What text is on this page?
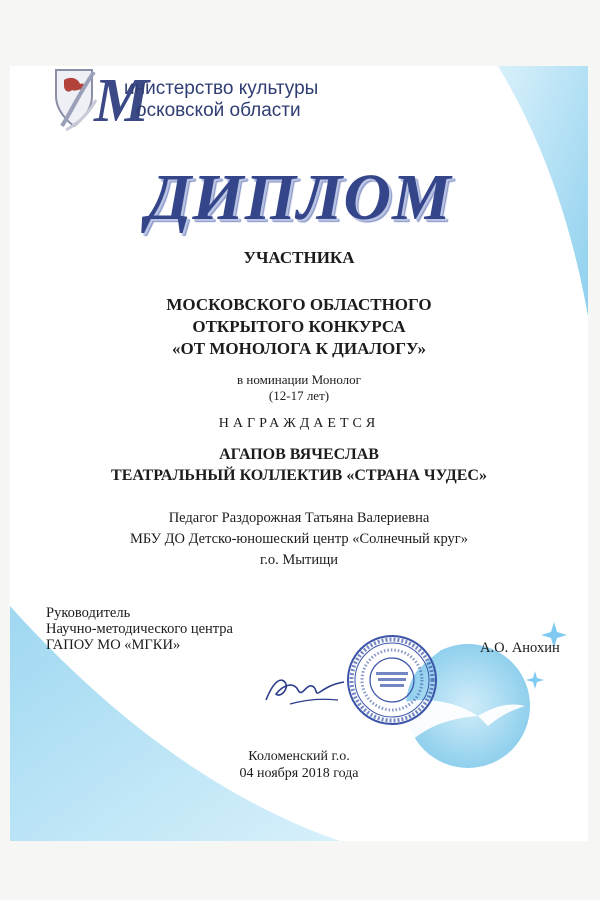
М
инистерство культуры
осковской области
ДИПЛОМ
УЧАСТНИКА
МОСКОВСКОГО ОБЛАСТНОГО
ОТКРЫТОГО КОНКУРСА
«ОТ МОНОЛОГА К ДИАЛОГУ»
в номинации Монолог
(12-17 лет)
НАГРАЖДАЕТСЯ
АГАПОВ ВЯЧЕСЛАВ
ТЕАТРАЛЬНЫЙ КОЛЛЕКТИВ «СТРАНА ЧУДЕС»
Педагог Раздорожная Татьяна Валериевна
МБУ ДО Детско-юношеский центр «Солнечный круг»
г.о. Мытищи
Руководитель
Научно-методического центра
ГАПОУ МО «МГКИ»	А.О. Анохин
Коломенский г.о.
04 ноября 2018 года
